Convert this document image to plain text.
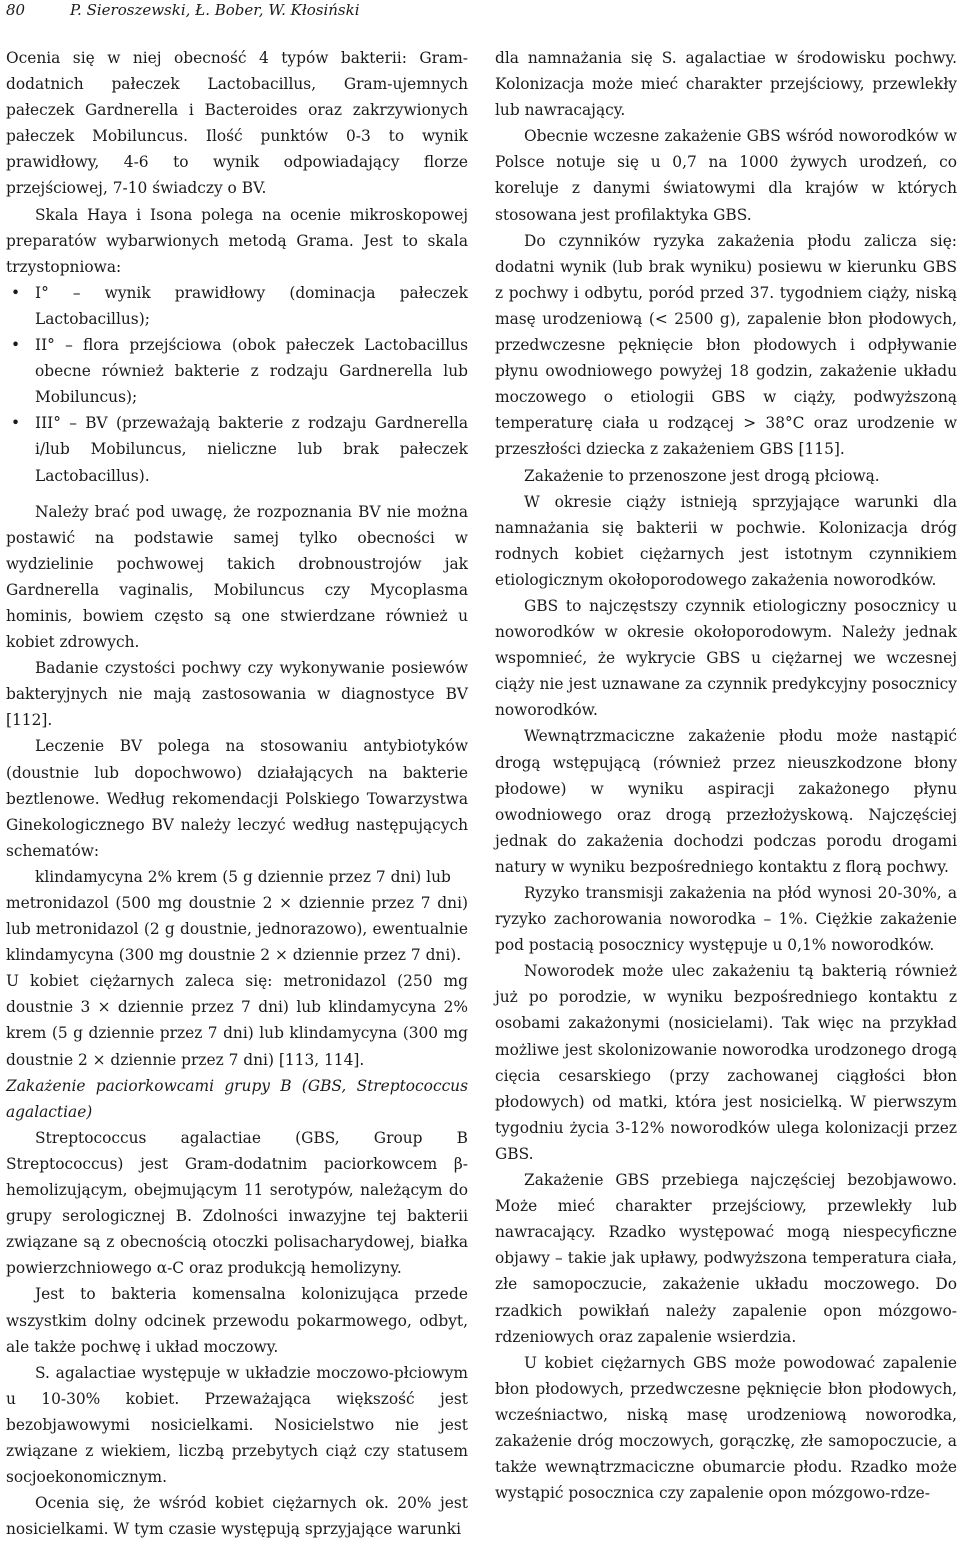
80	P. Sieroszewski, Ł. Bober, W. Kłosiński

Ocenia się w niej obecność 4 typów bakterii: Gram-dodatnich pałeczek Lactobacillus, Gram-ujemnych pałeczek Gardnerella i Bacteroides oraz zakrzywionych pałeczek Mobiluncus. Ilość punktów 0-3 to wynik prawidłowy, 4-6 to wynik odpowiadający florze przejściowej, 7-10 świadczy o BV.

Skala Haya i Isona polega na ocenie mikroskopowej preparatów wybarwionych metodą Grama. Jest to skala trzystopniowa:

• I° – wynik prawidłowy (dominacja pałeczek Lactobacillus);
• II° – flora przejściowa (obok pałeczek Lactobacillus obecne również bakterie z rodzaju Gardnerella lub Mobiluncus);
• III° – BV (przeważają bakterie z rodzaju Gardnerella i/lub Mobiluncus, nieliczne lub brak pałeczek Lactobacillus).

Należy brać pod uwagę, że rozpoznania BV nie można postawić na podstawie samej tylko obecności w wydzielinie pochwowej takich drobnoustrojów jak Gardnerella vaginalis, Mobiluncus czy Mycoplasma hominis, bowiem często są one stwierdzane również u kobiet zdrowych.

Badanie czystości pochwy czy wykonywanie posiewów bakteryjnych nie mają zastosowania w diagnostyce BV [112].

Leczenie BV polega na stosowaniu antybiotyków (doustnie lub dopochwowo) działających na bakterie beztlenowe. Według rekomendacji Polskiego Towarzystwa Ginekologicznego BV należy leczyć według następujących schematów:

klindamycyna 2% krem (5 g dziennie przez 7 dni) lub

metronidazol (500 mg doustnie 2 × dziennie przez 7 dni) lub metronidazol (2 g doustnie, jednorazowo), ewentualnie klindamycyna (300 mg doustnie 2 × dziennie przez 7 dni).

U kobiet ciężarnych zaleca się: metronidazol (250 mg doustnie 3 × dziennie przez 7 dni) lub klindamycyna 2% krem (5 g dziennie przez 7 dni) lub klindamycyna (300 mg doustnie 2 × dziennie przez 7 dni) [113, 114].

Zakażenie paciorkowcami grupy B (GBS, Streptococcus agalactiae)

Streptococcus agalactiae (GBS, Group B Streptococcus) jest Gram-dodatnim paciorkowcem β-hemolizującym, obejmującym 11 serotypów, należącym do grupy serologicznej B. Zdolności inwazyjne tej bakterii związane są z obecnością otoczki polisacharydowej, białka powierzchniowego α-C oraz produkcją hemolizyny.

Jest to bakteria komensalna kolonizująca przede wszystkim dolny odcinek przewodu pokarmowego, odbyt, ale także pochwę i układ moczowy.

S. agalactiae występuje w układzie moczowo-płciowym u 10-30% kobiet. Przeważająca większość jest bezobjawowymi nosicielkami. Nosicielstwo nie jest związane z wiekiem, liczbą przebytych ciąż czy statusem socjoekonomicznym.

Ocenia się, że wśród kobiet ciężarnych ok. 20% jest nosicielkami. W tym czasie występują sprzyjające warunki

dla namnażania się S. agalactiae w środowisku pochwy. Kolonizacja może mieć charakter przejściowy, przewlekły lub nawracający.

Obecnie wczesne zakażenie GBS wśród noworodków w Polsce notuje się u 0,7 na 1000 żywych urodzeń, co koreluje z danymi światowymi dla krajów w których stosowana jest profilaktyka GBS.

Do czynników ryzyka zakażenia płodu zalicza się: dodatni wynik (lub brak wyniku) posiewu w kierunku GBS z pochwy i odbytu, poród przed 37. tygodniem ciąży, niską masę urodzeniową (< 2500 g), zapalenie błon płodowych, przedwczesne pęknięcie błon płodowych i odpływanie płynu owodniowego powyżej 18 godzin, zakażenie układu moczowego o etiologii GBS w ciąży, podwyższoną temperaturę ciała u rodzącej > 38°C oraz urodzenie w przeszłości dziecka z zakażeniem GBS [115].

Zakażenie to przenoszone jest drogą płciową.

W okresie ciąży istnieją sprzyjające warunki dla namnażania się bakterii w pochwie. Kolonizacja dróg rodnych kobiet ciężarnych jest istotnym czynnikiem etiologicznym okołoporodowego zakażenia noworodków.

GBS to najczęstszy czynnik etiologiczny posocznicy u noworodków w okresie okołoporodowym. Należy jednak wspomnieć, że wykrycie GBS u ciężarnej we wczesnej ciąży nie jest uznawane za czynnik predykcyjny posocznicy noworodków.

Wewnątrzmaciczne zakażenie płodu może nastąpić drogą wstępującą (również przez nieuszkodzone błony płodowe) w wyniku aspiracji zakażonego płynu owodniowego oraz drogą przezłożyskową. Najczęściej jednak do zakażenia dochodzi podczas porodu drogami natury w wyniku bezpośredniego kontaktu z florą pochwy.

Ryzyko transmisji zakażenia na płód wynosi 20-30%, a ryzyko zachorowania noworodka – 1%. Ciężkie zakażenie pod postacią posocznicy występuje u 0,1% noworodków.

Noworodek może ulec zakażeniu tą bakterią również już po porodzie, w wyniku bezpośredniego kontaktu z osobami zakażonymi (nosicielami). Tak więc na przykład możliwe jest skolonizowanie noworodka urodzonego drogą cięcia cesarskiego (przy zachowanej ciągłości błon płodowych) od matki, która jest nosicielką. W pierwszym tygodniu życia 3-12% noworodków ulega kolonizacji przez GBS.

Zakażenie GBS przebiega najczęściej bezobjawowo. Może mieć charakter przejściowy, przewlekły lub nawracający. Rzadko występować mogą niespecyficzne objawy – takie jak upławy, podwyższona temperatura ciała, złe samopoczucie, zakażenie układu moczowego. Do rzadkich powikłań należy zapalenie opon mózgowo-rdzeniowych oraz zapalenie wsierdzia.

U kobiet ciężarnych GBS może powodować zapalenie błon płodowych, przedwczesne pęknięcie błon płodowych, wcześniactwo, niską masę urodzeniową noworodka, zakażenie dróg moczowych, gorączkę, złe samopoczucie, a także wewnątrzmaciczne obumarcie płodu. Rzadko może wystąpić posocznica czy zapalenie opon mózgowo-rdze-
